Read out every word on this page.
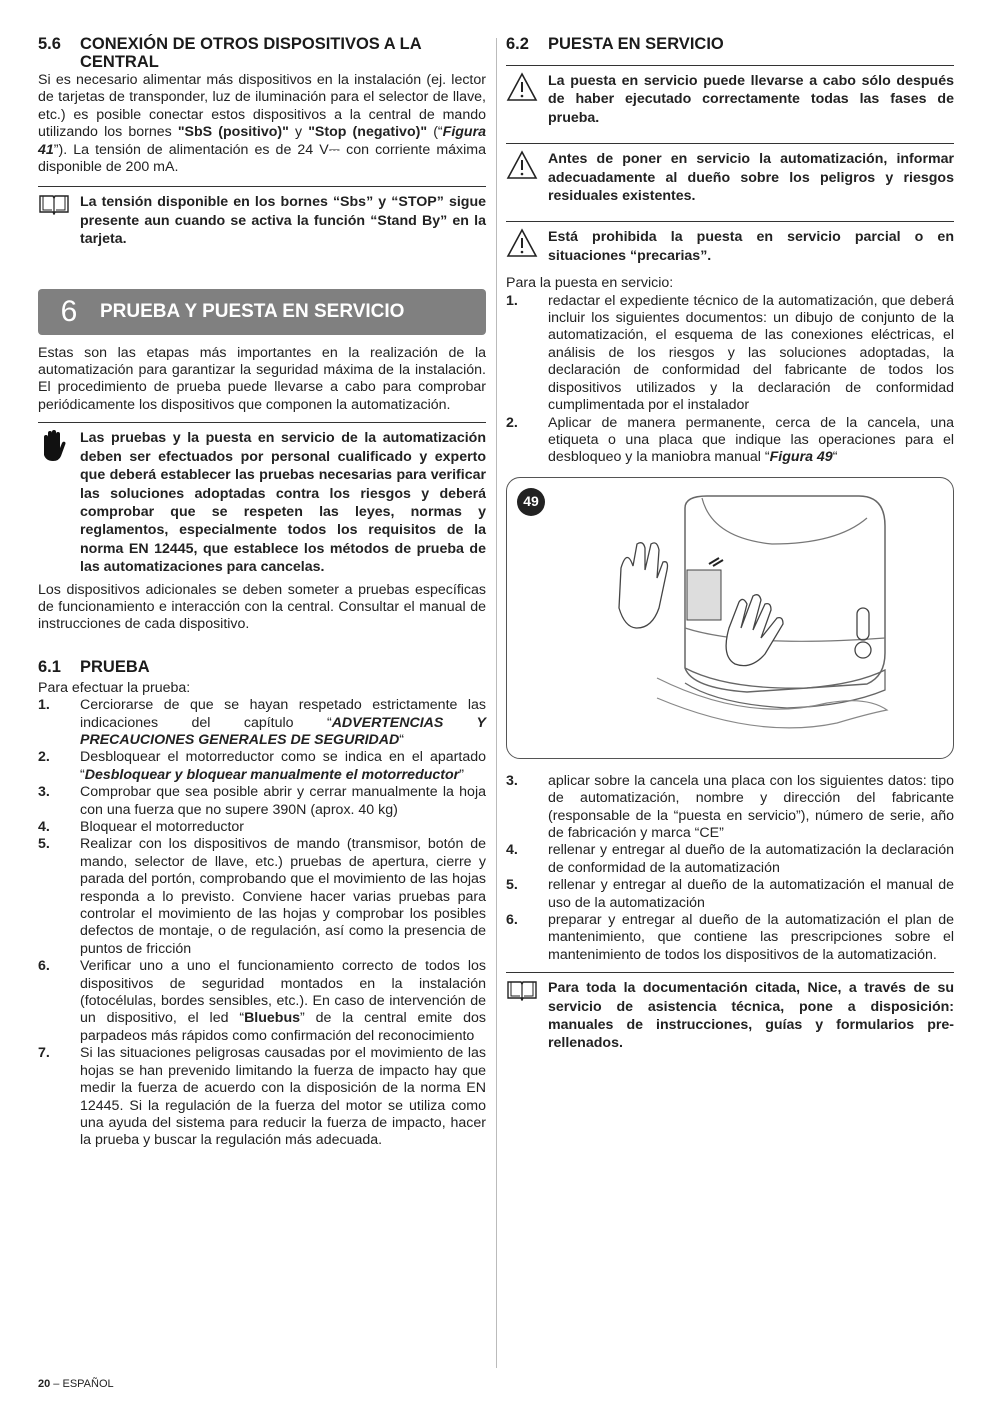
5.6	CONEXIÓN DE OTROS DISPOSITIVOS A LA CENTRAL

Si es necesario alimentar más dispositivos en la instalación (ej. lector de tarjetas de transponder, luz de iluminación para el selector de llave, etc.) es posible conectar estos dispositivos a la central de mando utilizando los bornes "SbS (positivo)" y "Stop (negativo)" (“Figura 41”). La tensión de alimentación es de 24 V⎓ con corriente máxima disponible de 200 mA.

La tensión disponible en los bornes “Sbs” y “STOP” sigue presente aun cuando se activa la función “Stand By” en la tarjeta.
6	PRUEBA Y PUESTA EN SERVICIO

Estas son las etapas más importantes en la realización de la automatización para garantizar la seguridad máxima de la instalación. El procedimiento de prueba puede llevarse a cabo para comprobar periódicamente los dispositivos que componen la automatización.

Las pruebas y la puesta en servicio de la automatización deben ser efectuados por personal cualificado y experto que deberá establecer las pruebas necesarias para verificar las soluciones adoptadas contra los riesgos y deberá comprobar que se respeten las leyes, normas y reglamentos, especialmente todos los requisitos de la norma EN 12445, que establece los métodos de prueba de las automatizaciones para cancelas.

Los dispositivos adicionales se deben someter a pruebas específicas de funcionamiento e interacción con la central. Consultar el manual de instrucciones de cada dispositivo.

6.1	PRUEBA

Para efectuar la prueba:

1.	Cerciorarse de que se hayan respetado estrictamente las indicaciones del capítulo “ADVERTENCIAS Y PRECAUCIONES GENERALES DE SEGURIDAD“
2.	Desbloquear el motorreductor como se indica en el apartado “Desbloquear y bloquear manualmente el motorreductor”
3.	Comprobar que sea posible abrir y cerrar manualmente la hoja con una fuerza que no supere 390N (aprox. 40 kg)
4.	Bloquear el motorreductor
5.	Realizar con los dispositivos de mando (transmisor, botón de mando, selector de llave, etc.) pruebas de apertura, cierre y parada del portón, comprobando que el movimiento de las hojas responda a lo previsto. Conviene hacer varias pruebas para controlar el movimiento de las hojas y comprobar los posibles defectos de montaje, o de regulación, así como la presencia de puntos de fricción
6.	Verificar uno a uno el funcionamiento correcto de todos los dispositivos de seguridad montados en la instalación (fotocélulas, bordes sensibles, etc.). En caso de intervención de un dispositivo, el led “Bluebus” de la central emite dos parpadeos más rápidos como confirmación del reconocimiento
7.	Si las situaciones peligrosas causadas por el movimiento de las hojas se han prevenido limitando la fuerza de impacto hay que medir la fuerza de acuerdo con la disposición de la norma EN 12445. Si la regulación de la fuerza del motor se utiliza como una ayuda del sistema para reducir la fuerza de impacto, hacer la prueba y buscar la regulación más adecuada.
6.2	PUESTA EN SERVICIO
La puesta en servicio puede llevarse a cabo sólo después de haber ejecutado correctamente todas las fases de prueba.
Antes de poner en servicio la automatización, informar adecuadamente al dueño sobre los peligros y riesgos residuales existentes.
Está prohibida la puesta en servicio parcial o en situaciones “precarias”.

Para la puesta en servicio:

1.	redactar el expediente técnico de la automatización, que deberá incluir los siguientes documentos: un dibujo de conjunto de la automatización, el esquema de las conexiones eléctricas, el análisis de los riesgos y las soluciones adoptadas, la declaración de conformidad del fabricante de todos los dispositivos utilizados y la declaración de conformidad cumplimentada por el instalador
2.	Aplicar de manera permanente, cerca de la cancela, una etiqueta o una placa que indique las operaciones para el desbloqueo y la maniobra manual “Figura 49“
49
3.	aplicar sobre la cancela una placa con los siguientes datos: tipo de automatización, nombre y dirección del fabricante (responsable de la “puesta en servicio”), número de serie, año de fabricación y marca “CE”
4.	rellenar y entregar al dueño de la automatización la declaración de conformidad de la automatización
5.	rellenar y entregar al dueño de la automatización el manual de uso de la automatización
6.	preparar y entregar al dueño de la automatización el plan de mantenimiento, que contiene las prescripciones sobre el mantenimiento de todos los dispositivos de la automatización.
Para toda la documentación citada, Nice, a través de su servicio de asistencia técnica, pone a disposición: manuales de instrucciones, guías y formularios pre-rellenados.
20 – ESPAÑOL
